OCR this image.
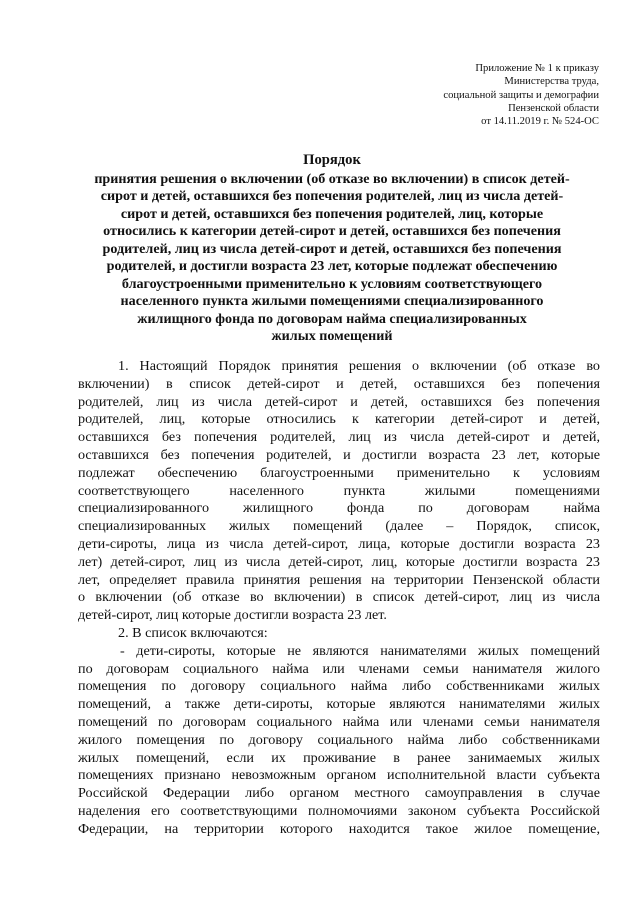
Приложение № 1 к приказу
Министерства труда,
социальной защиты и демографии
Пензенской области
от 14.11.2019 г. № 524-ОС
Порядок
принятия решения о включении (об отказе во включении) в список детей-
сирот и детей, оставшихся без попечения родителей, лиц из числа детей-
сирот и детей, оставшихся без попечения родителей, лиц, которые
относились к категории детей-сирот и детей, оставшихся без попечения
родителей, лиц из числа детей-сирот и детей, оставшихся без попечения
родителей, и достигли возраста 23 лет, которые подлежат обеспечению
благоустроенными применительно к условиям соответствующего
населенного пункта жилыми помещениями специализированного
жилищного фонда по договорам найма специализированных
жилых помещений
1. Настоящий Порядок принятия решения о включении (об отказе во
включении) в список детей-сирот и детей, оставшихся без попечения
родителей, лиц из числа детей-сирот и детей, оставшихся без попечения
родителей, лиц, которые относились к категории детей-сирот и детей,
оставшихся без попечения родителей, лиц из числа детей-сирот и детей,
оставшихся без попечения родителей, и достигли возраста 23 лет, которые
подлежат обеспечению благоустроенными применительно к условиям
соответствующего населенного пункта жилыми помещениями
специализированного жилищного фонда по договорам найма
специализированных жилых помещений (далее – Порядок, список,
дети-сироты, лица из числа детей-сирот, лица, которые достигли возраста 23
лет) детей-сирот, лиц из числа детей-сирот, лиц, которые достигли возраста 23
лет, определяет правила принятия решения на территории Пензенской области
о включении (об отказе во включении) в список детей-сирот, лиц из числа
детей-сирот, лиц которые достигли возраста 23 лет.
2. В список включаются:
- дети-сироты, которые не являются нанимателями жилых помещений
по договорам социального найма или членами семьи нанимателя жилого
помещения по договору социального найма либо собственниками жилых
помещений, а также дети-сироты, которые являются нанимателями жилых
помещений по договорам социального найма или членами семьи нанимателя
жилого помещения по договору социального найма либо собственниками
жилых помещений, если их проживание в ранее занимаемых жилых
помещениях признано невозможным органом исполнительной власти субъекта
Российской Федерации либо органом местного самоуправления в случае
наделения его соответствующими полномочиями законом субъекта Российской
Федерации, на территории которого находится такое жилое помещение,
